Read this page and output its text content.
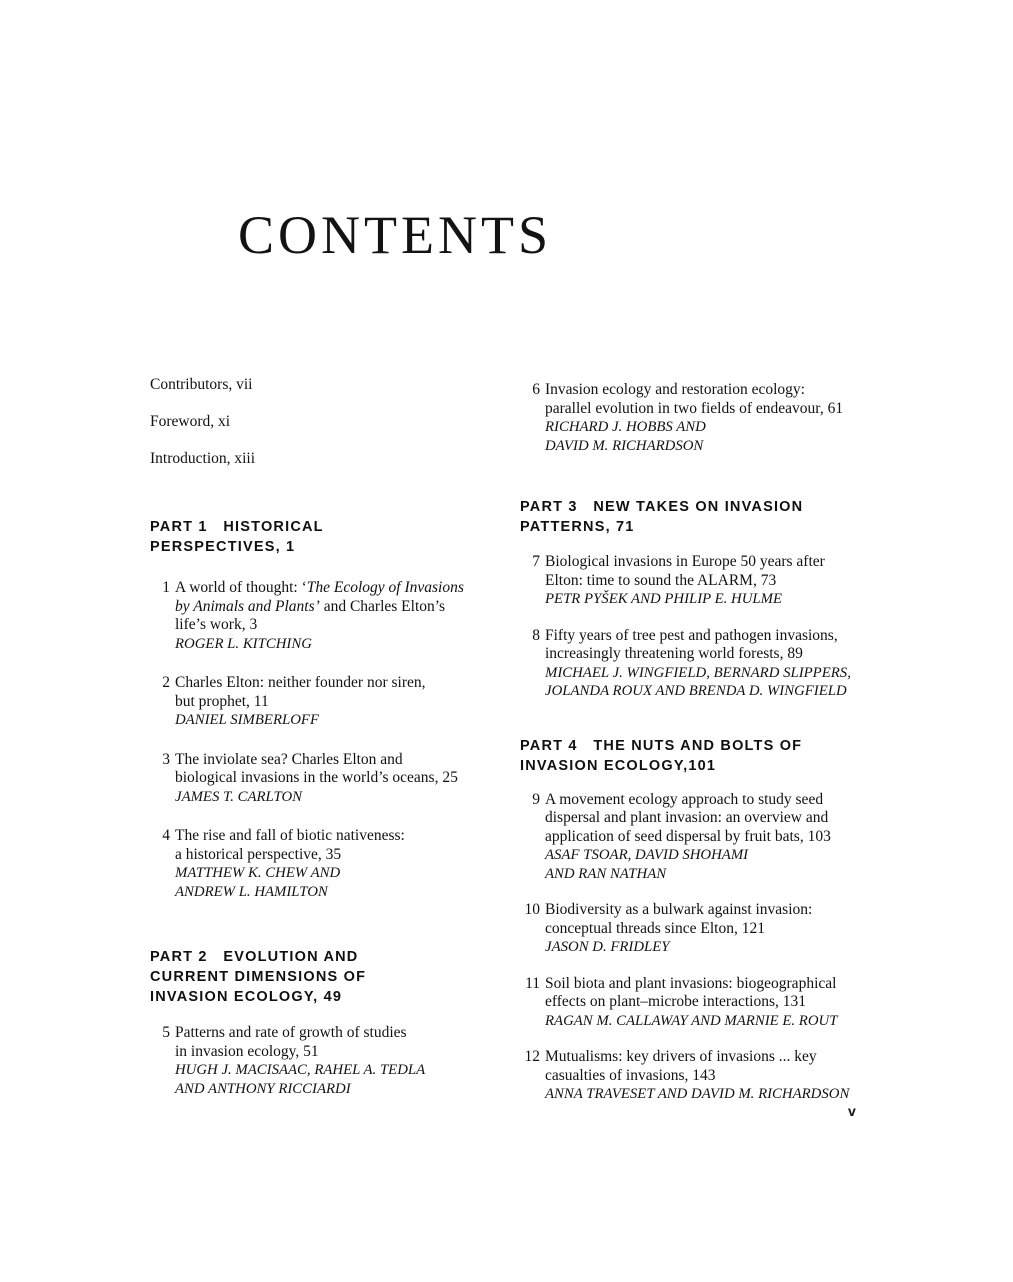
CONTENTS
Contributors, vii
Foreword, xi
Introduction, xiii
PART 1   HISTORICAL
PERSPECTIVES, 1
1 A world of thought: ‘The Ecology of Invasions
by Animals and Plants’ and Charles Elton’s
life’s work, 3
ROGER L. KITCHING
2 Charles Elton: neither founder nor siren,
but prophet, 11
DANIEL SIMBERLOFF
3 The inviolate sea? Charles Elton and
biological invasions in the world’s oceans, 25
JAMES T. CARLTON
4 The rise and fall of biotic nativeness:
a historical perspective, 35
MATTHEW K. CHEW AND
ANDREW L. HAMILTON
PART 2   EVOLUTION AND
CURRENT DIMENSIONS OF
INVASION ECOLOGY, 49
5 Patterns and rate of growth of studies
in invasion ecology, 51
HUGH J. MACISAAC, RAHEL A. TEDLA
AND ANTHONY RICCIARDI
6 Invasion ecology and restoration ecology:
parallel evolution in two fields of endeavour, 61
RICHARD J. HOBBS AND
DAVID M. RICHARDSON
PART 3   NEW TAKES ON INVASION
PATTERNS, 71
7 Biological invasions in Europe 50 years after
Elton: time to sound the ALARM, 73
PETR PYŠEK AND PHILIP E. HULME
8 Fifty years of tree pest and pathogen invasions,
increasingly threatening world forests, 89
MICHAEL J. WINGFIELD, BERNARD SLIPPERS,
JOLANDA ROUX AND BRENDA D. WINGFIELD
PART 4   THE NUTS AND BOLTS OF
INVASION ECOLOGY,101
9 A movement ecology approach to study seed
dispersal and plant invasion: an overview and
application of seed dispersal by fruit bats, 103
ASAF TSOAR, DAVID SHOHAMI
AND RAN NATHAN
10 Biodiversity as a bulwark against invasion:
conceptual threads since Elton, 121
JASON D. FRIDLEY
11 Soil biota and plant invasions: biogeographical
effects on plant–microbe interactions, 131
RAGAN M. CALLAWAY AND MARNIE E. ROUT
12 Mutualisms: key drivers of invasions ... key
casualties of invasions, 143
ANNA TRAVESET AND DAVID M. RICHARDSON
v
